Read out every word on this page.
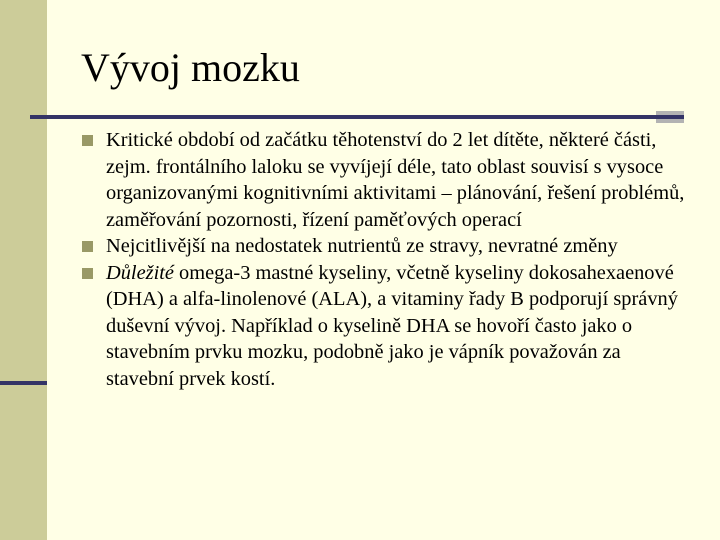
Vývoj mozku
Kritické období od začátku těhotenství do 2 let dítěte, některé části, zejm. frontálního laloku se vyvíjejí déle, tato oblast souvisí s vysoce organizovanými kognitivními aktivitami – plánování, řešení problémů, zaměřování pozornosti, řízení paměťových operací
Nejcitlivější na nedostatek nutrientů ze stravy, nevratné změny
Důležité omega-3 mastné kyseliny, včetně kyseliny dokosahexaenové (DHA) a alfa-linolenové (ALA), a vitaminy řady B podporují správný duševní vývoj. Například o kyselině DHA se hovoří často jako o stavebním prvku mozku, podobně jako je vápník považován za stavební prvek kostí.
